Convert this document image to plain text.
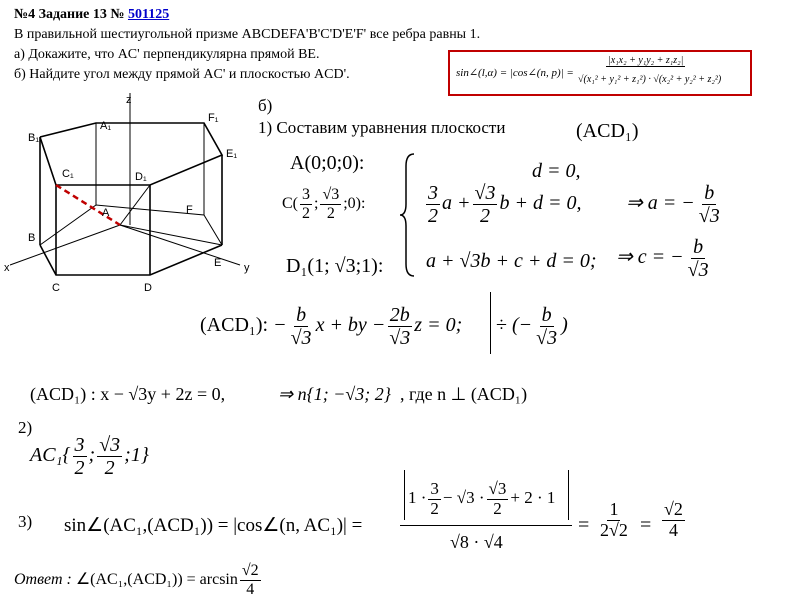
№4 Задание 13 № 501125
В правильной шестиугольной призме ABCDEFA'B'C'D'E'F' все ребра равны 1.
а) Докажите, что AC' перпендикулярна прямой BE.
б) Найдите угол между прямой AC' и плоскостью ACD'.	sin∠(l,α) = |cos∠(n, p)| =
|x₁x₂ + y₁y₂ + z₁z₂|
√(x₁² + y₁² + z₁²) · √(x₂² + y₂² + z₂²)
z
A₁
F₁
B₁
E₁
C₁	D₁
A	F
B
E
C	D
x	y
б)
1) Составим уравнения плоскости	(ACD₁)
A(0;0;0):
$C( \frac{3}{2}$ ; $\frac{√3}{2}$ ;0):
D₁(1; √3;1):
d = 0,
$\frac{3}{2}$ $a + \frac{√3}{2}$ b + d = 0, ⇒ a = − $\frac{b}{√3}$
a + √3b + c + d = 0; ⇒ c = − $\frac{b}{√3}$
(ACD₁): − $\frac{b}{√3}$ x + by − $\frac{2b}{√3}$ z = 0; ÷ (− $\frac{b}{√3}$ )
(ACD₁) : x − √3y + 2z = 0,	⇒ n{1; −√3; 2} , где n ⊥ (ACD₁)
2)
$AC_1\{ \frac{3}{2}$ ; $\frac{√3}{2}$ ;1}
3) sin∠(AC₁,(ACD₁)) = |cos∠(n, AC₁)| =
$1 \cdot \frac{3}{2} - √3 \cdot \frac{√3}{2} + 2 \cdot 1$
√8 · √4
= $\frac{1}{2√2} = \frac{√2}{4}$
Ответ : ∠(AC₁,(ACD₁)) = $\arcsin \frac{√2}{4}$
